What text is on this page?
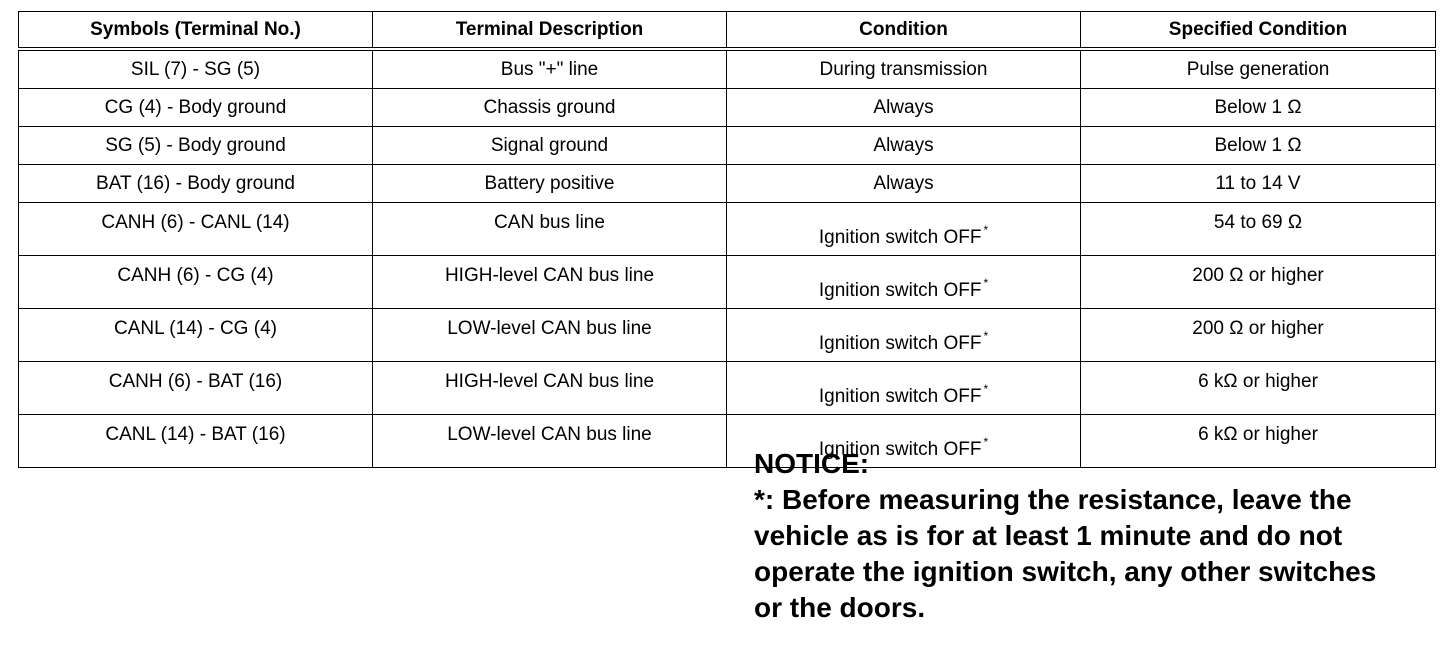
Symbols (Terminal No.)	Terminal Description	Condition	Specified Condition
SIL (7) - SG (5)	Bus "+" line	During transmission	Pulse generation
CG (4) - Body ground	Chassis ground	Always	Below 1 Ω
SG (5) - Body ground	Signal ground	Always	Below 1 Ω
BAT (16) - Body ground	Battery positive	Always	11 to 14 V
CANH (6) - CANL (14)	CAN bus line	Ignition switch OFF *	54 to 69 Ω
CANH (6) - CG (4)	HIGH-level CAN bus line	Ignition switch OFF *	200 Ω or higher
CANL (14) - CG (4)	LOW-level CAN bus line	Ignition switch OFF *	200 Ω or higher
CANH (6) - BAT (16)	HIGH-level CAN bus line	Ignition switch OFF *	6 kΩ or higher
CANL (14) - BAT (16)	LOW-level CAN bus line	Ignition switch OFF *	6 kΩ or higher
NOTICE:
*: Before measuring the resistance, leave the
vehicle as is for at least 1 minute and do not
operate the ignition switch, any other switches
or the doors.
